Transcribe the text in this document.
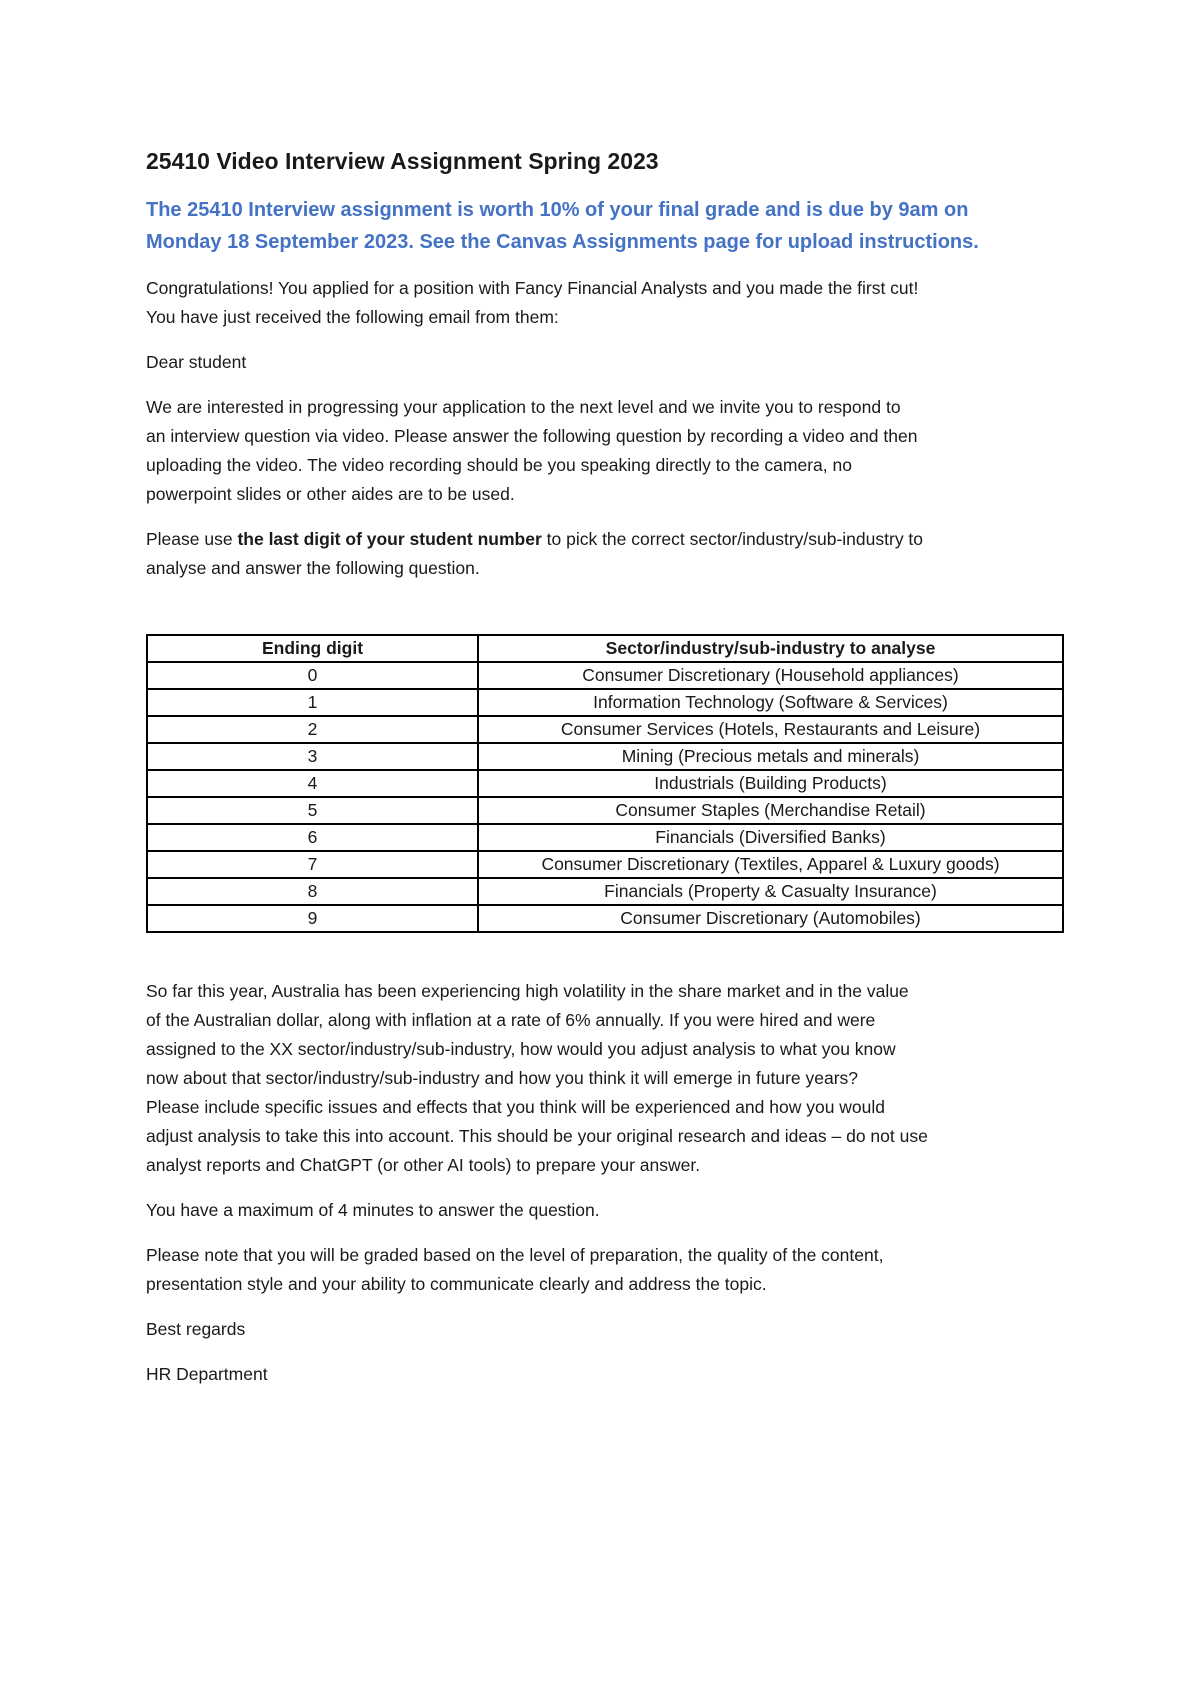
25410 Video Interview Assignment Spring 2023

The 25410 Interview assignment is worth 10% of your final grade and is due by 9am on
Monday 18 September 2023. See the Canvas Assignments page for upload instructions.

Congratulations! You applied for a position with Fancy Financial Analysts and you made the first cut!
You have just received the following email from them:

Dear student

We are interested in progressing your application to the next level and we invite you to respond to
an interview question via video. Please answer the following question by recording a video and then
uploading the video. The video recording should be you speaking directly to the camera, no
powerpoint slides or other aides are to be used.

Please use the last digit of your student number to pick the correct sector/industry/sub-industry to
analyse and answer the following question.

Ending digit	Sector/industry/sub-industry to analyse
0	Consumer Discretionary (Household appliances)
1	Information Technology (Software & Services)
2	Consumer Services (Hotels, Restaurants and Leisure)
3	Mining (Precious metals and minerals)
4	Industrials (Building Products)
5	Consumer Staples (Merchandise Retail)
6	Financials (Diversified Banks)
7	Consumer Discretionary (Textiles, Apparel & Luxury goods)
8	Financials (Property & Casualty Insurance)
9	Consumer Discretionary (Automobiles)

So far this year, Australia has been experiencing high volatility in the share market and in the value
of the Australian dollar, along with inflation at a rate of 6% annually. If you were hired and were
assigned to the XX sector/industry/sub-industry, how would you adjust analysis to what you know
now about that sector/industry/sub-industry and how you think it will emerge in future years?
Please include specific issues and effects that you think will be experienced and how you would
adjust analysis to take this into account. This should be your original research and ideas – do not use
analyst reports and ChatGPT (or other AI tools) to prepare your answer.

You have a maximum of 4 minutes to answer the question.

Please note that you will be graded based on the level of preparation, the quality of the content,
presentation style and your ability to communicate clearly and address the topic.

Best regards

HR Department
